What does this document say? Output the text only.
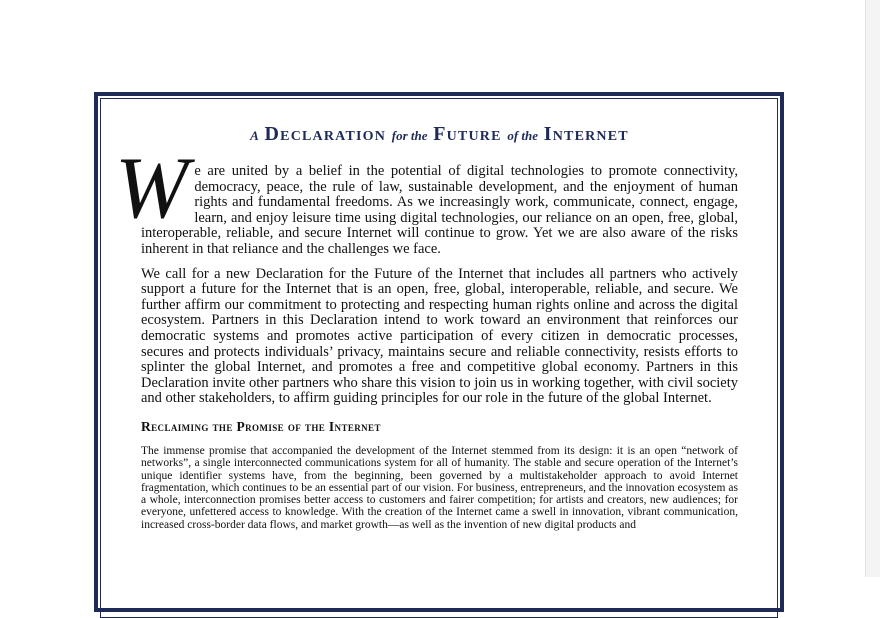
A Declaration for the Future of the Internet

W e are united by a belief in the potential of digital technologies to promote connectivity, democracy, peace, the rule of law, sustainable development, and the enjoyment of human rights and fundamental freedoms. As we increasingly work, communicate, connect, engage, learn, and enjoy leisure time using digital technologies, our reliance on an open, free, global, interoperable, reliable, and secure Internet will continue to grow. Yet we are also aware of the risks inherent in that reliance and the challenges we face.

We call for a new Declaration for the Future of the Internet that includes all partners who actively support a future for the Internet that is an open, free, global, interoperable, reliable, and secure. We further affirm our commitment to protecting and respecting human rights online and across the digital ecosystem. Partners in this Declaration intend to work toward an environment that reinforces our democratic systems and promotes active participation of every citizen in democratic processes, secures and protects individuals’ privacy, maintains secure and reliable connectivity, resists efforts to splinter the global Internet, and promotes a free and competitive global economy. Partners in this Declaration invite other partners who share this vision to join us in working together, with civil society and other stakeholders, to affirm guiding principles for our role in the future of the global Internet.

Reclaiming the Promise of the Internet

The immense promise that accompanied the development of the Internet stemmed from its design: it is an open “network of networks”, a single interconnected communications system for all of humanity. The stable and secure operation of the Internet’s unique identifier systems have, from the beginning, been governed by a multistakeholder approach to avoid Internet fragmentation, which continues to be an essential part of our vision. For business, entrepreneurs, and the innovation ecosystem as a whole, interconnection promises better access to customers and fairer competition; for artists and creators, new audiences; for everyone, unfettered access to knowledge. With the creation of the Internet came a swell in innovation, vibrant communication, increased cross-border data flows, and market growth—as well as the invention of new digital products and
